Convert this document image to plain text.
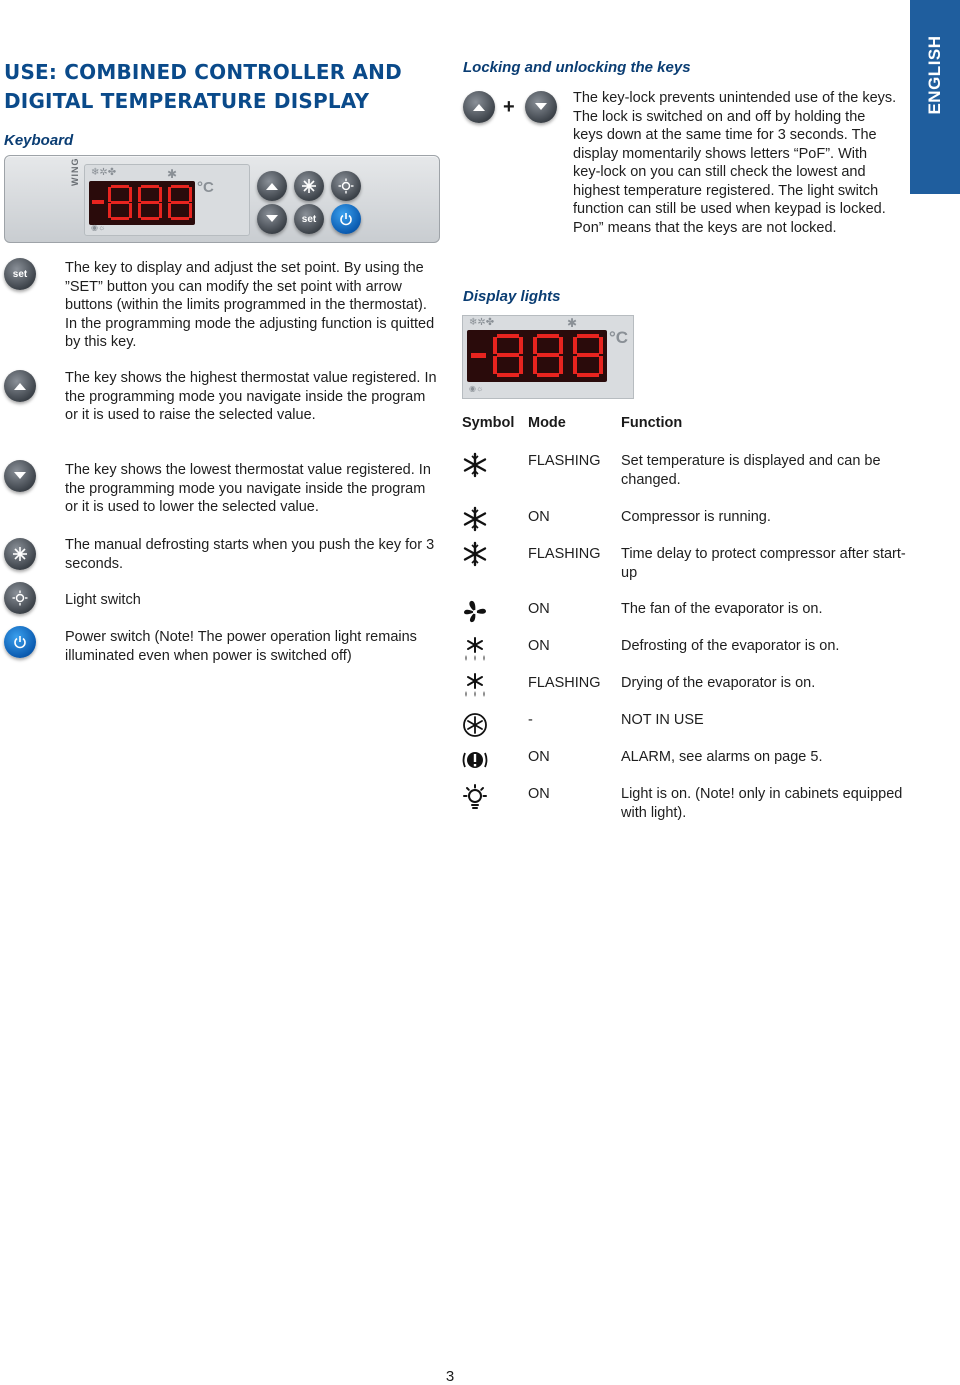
ENGLISH
USE: COMBINED CONTROLLER AND DIGITAL TEMPERATURE DISPLAY
Keyboard
WING ❄✲✤	✱
°C
◉☼
set
set	The key to display and adjust the set point. By using the ”SET” button you can modify the set point with arrow buttons (within the limits programmed in the thermostat). In the programming mode the adjusting function is quitted by this key.

The key shows the highest thermostat value registered. In the programming mode you navigate inside the program or it is used to raise the selected value.

The key shows the lowest thermostat value registered. In the programming mode you navigate inside the program or it is used to lower the selected value.

The manual defrosting starts when you push the key for 3 seconds.

Light switch

Power switch (Note! The power operation light remains illuminated even when power is switched off)

Locking and unlocking the keys
+	The key-lock prevents unintended use of the keys. The lock is switched on and off by holding the keys down at the same time for 3 seconds. The display momentarily shows letters “PoF”. With key-lock on you can still check the lowest and highest temperature registered. The light switch function can still be used when keypad is locked. Pon” means that the keys are not locked.

Display lights
❄✲✤	✱
°C
◉☼
Symbol Mode	Function
FLASHING Set temperature is displayed and can be changed.
ON	Compressor is running.
FLASHING Time delay to protect compressor after start-up
ON	The fan of the evaporator is on.
ON	Defrosting of the evaporator is on.
FLASHING Drying of the evaporator is on.
-	NOT IN USE
ON	ALARM, see alarms on page 5.
ON	Light is on. (Note! only in cabinets equipped with light).
3
